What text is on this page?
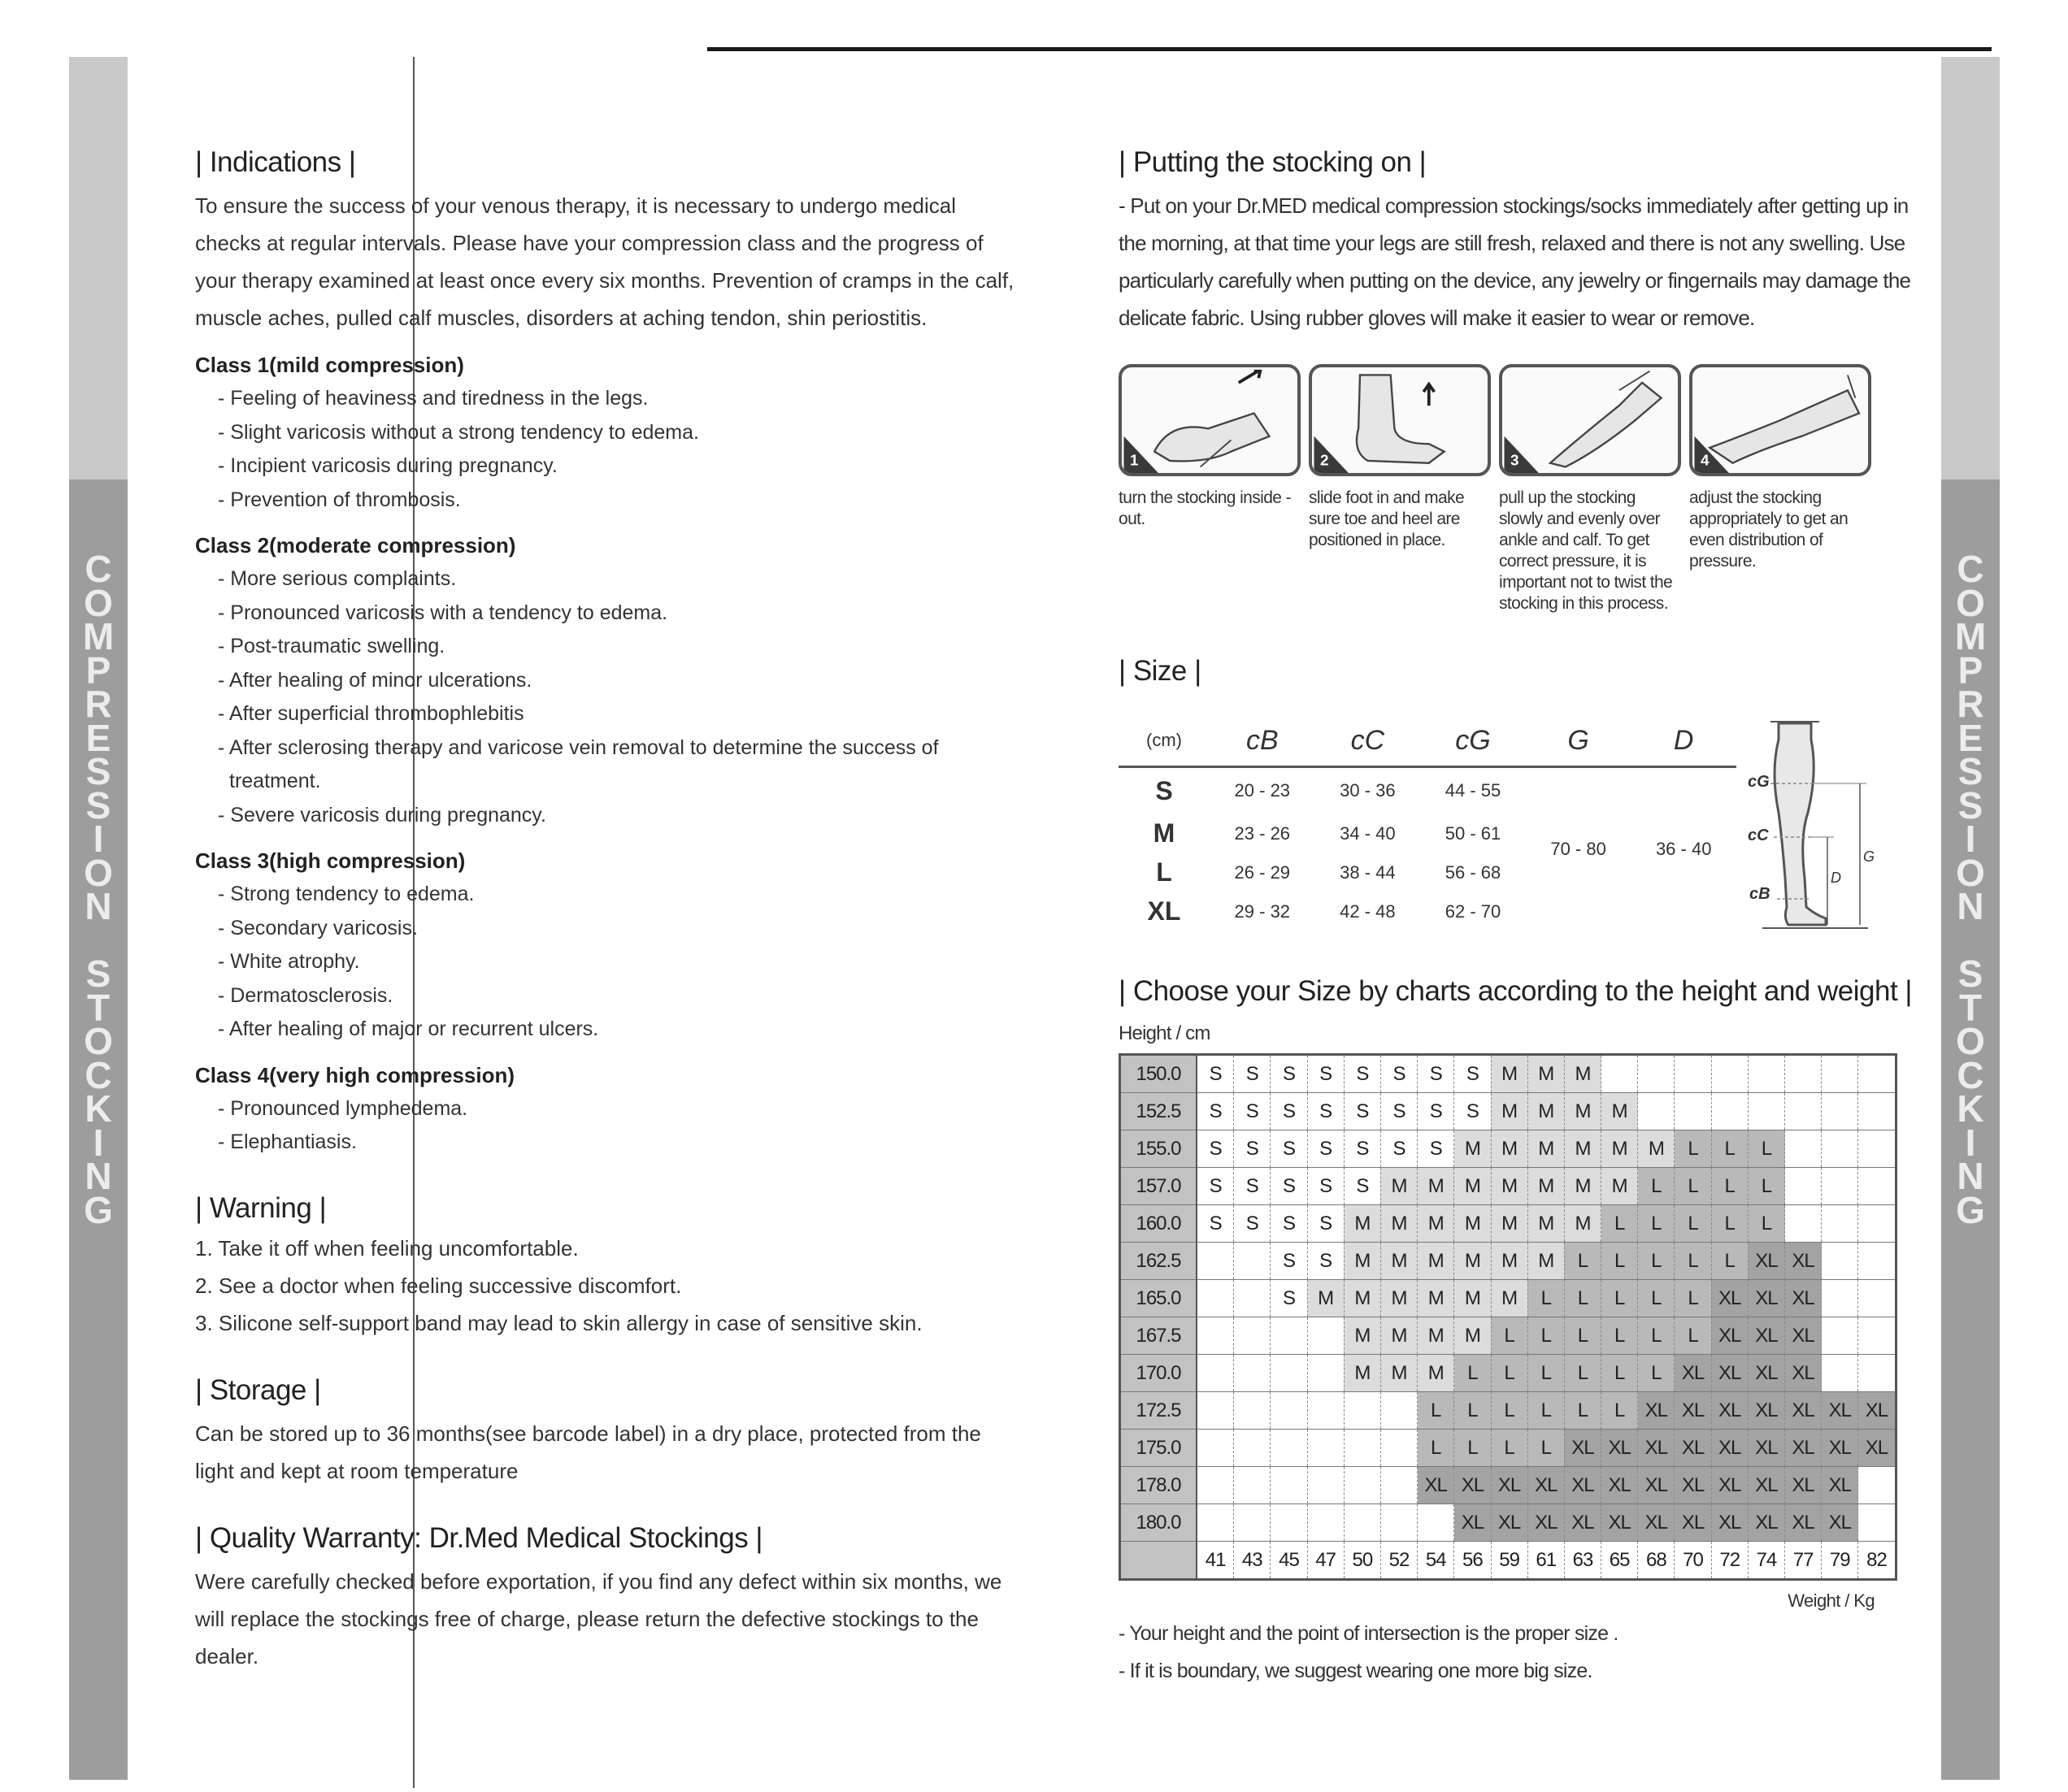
C
O
M
P
R
E
S
S
I
O
N

S
T
O
C
K
I
N
G
C
O
M
P
R
E
S
S
I
O
N

S
T
O
C
K
I
N
G
| Indications |

To ensure the success of your venous therapy, it is necessary to undergo medical checks at regular intervals. Please have your compression class and the progress of your therapy examined at least once every six months. Prevention of cramps in the calf, muscle aches, pulled calf muscles, disorders at aching tendon, shin periostitis.

Class 1(mild compression)
- Feeling of heaviness and tiredness in the legs.
- Slight varicosis without a strong tendency to edema.
- Incipient varicosis during pregnancy.
- Prevention of thrombosis.
Class 2(moderate compression)
- More serious complaints.
- Pronounced varicosis with a tendency to edema.
- Post-traumatic swelling.
- After healing of minor ulcerations.
- After superficial thrombophlebitis
- After sclerosing therapy and varicose vein removal to determine the success of treatment.
- Severe varicosis during pregnancy.
Class 3(high compression)
- Strong tendency to edema.
- Secondary varicosis.
- White atrophy.
- Dermatosclerosis.
- After healing of major or recurrent ulcers.
Class 4(very high compression)
- Pronounced lymphedema.
- Elephantiasis.
| Warning |
1. Take it off when feeling uncomfortable.
2. See a doctor when feeling successive discomfort.
3. Silicone self-support band may lead to skin allergy in case of sensitive skin.
| Storage |

Can be stored up to 36 months(see barcode label) in a dry place, protected from the light and kept at room temperature

| Quality Warranty: Dr.Med Medical Stockings |

Were carefully checked before exportation, if you find any defect within six months, we will replace the stockings free of charge, please return the defective stockings to the dealer.

| Putting the stocking on |

- Put on your Dr.MED medical compression stockings/socks immediately after getting up in the morning, at that time your legs are still fresh, relaxed and there is not any swelling. Use particularly carefully when putting on the device, any jewelry or fingernails may damage the delicate fabric. Using rubber gloves will make it easier to wear or remove.

1
turn the stocking inside -out.
2
slide foot in and make sure toe and heel are positioned in place.
3
pull up the stocking slowly and evenly over ankle and calf. To get correct pressure, it is important not to twist the stocking in this process.
4
adjust the stocking appropriately to get an even distribution of pressure.
| Size |
(cm)	cB	cC	cG	G	D
S	20 - 23	30 - 36	44 - 55	70 - 80	36 - 40
M	23 - 26	34 - 40	50 - 61		
L	26 - 29	38 - 44	56 - 68		
XL	29 - 32	42 - 48	62 - 70		
cG
cC
cB
G
D
| Choose your Size by charts according to the height and weight |
Height / cm
150.0	S	S	S	S	S	S	S	S	M	M	M								
152.5	S	S	S	S	S	S	S	S	M	M	M	M							
155.0	S	S	S	S	S	S	S	M	M	M	M	M	M	L	L	L			
157.0	S	S	S	S	S	M	M	M	M	M	M	M	L	L	L	L			
160.0	S	S	S	S	M	M	M	M	M	M	M	L	L	L	L	L			
162.5			S	S	M	M	M	M	M	M	L	L	L	L	L	XL	XL		
165.0			S	M	M	M	M	M	M	L	L	L	L	L	XL	XL	XL		
167.5					M	M	M	M	L	L	L	L	L	L	XL	XL	XL		
170.0					M	M	M	L	L	L	L	L	L	XL	XL	XL	XL		
172.5							L	L	L	L	L	L	XL	XL	XL	XL	XL	XL	XL
175.0							L	L	L	L	XL	XL	XL	XL	XL	XL	XL	XL	XL
178.0							XL	XL	XL	XL	XL	XL	XL	XL	XL	XL	XL	XL	
180.0								XL	XL	XL	XL	XL	XL	XL	XL	XL	XL	XL	
	41	43	45	47	50	52	54	56	59	61	63	65	68	70	72	74	77	79	82
Weight / Kg
- Your height and the point of intersection is the proper size .
- If it is boundary, we suggest wearing one more big size.
